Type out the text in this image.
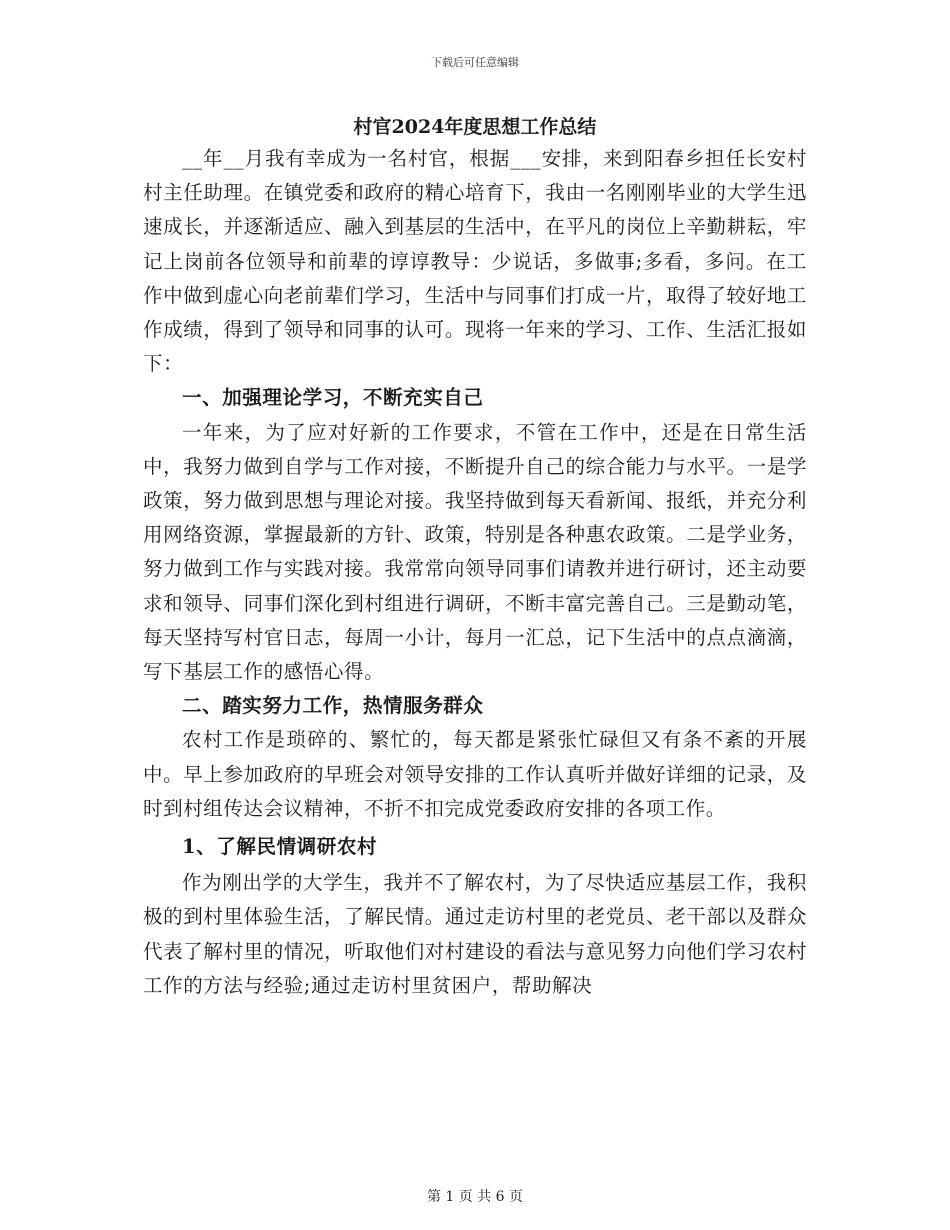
下载后可任意编辑
村官2024年度思想工作总结

__年__月我有幸成为一名村官，根据___安排，来到阳春乡担任长安村村主任助理。在镇党委和政府的精心培育下，我由一名刚刚毕业的大学生迅速成长，并逐渐适应、融入到基层的生活中，在平凡的岗位上辛勤耕耘，牢记上岗前各位领导和前辈的谆谆教导：少说话，多做事;多看，多问。在工作中做到虚心向老前辈们学习，生活中与同事们打成一片，取得了较好地工作成绩，得到了领导和同事的认可。现将一年来的学习、工作、生活汇报如下：

一、加强理论学习，不断充实自己

一年来，为了应对好新的工作要求，不管在工作中，还是在日常生活中，我努力做到自学与工作对接，不断提升自己的综合能力与水平。一是学政策，努力做到思想与理论对接。我坚持做到每天看新闻、报纸，并充分利用网络资源，掌握最新的方针、政策，特别是各种惠农政策。二是学业务，努力做到工作与实践对接。我常常向领导同事们请教并进行研讨，还主动要求和领导、同事们深化到村组进行调研，不断丰富完善自己。三是勤动笔，每天坚持写村官日志，每周一小计，每月一汇总，记下生活中的点点滴滴，写下基层工作的感悟心得。

二、踏实努力工作，热情服务群众

农村工作是琐碎的、繁忙的，每天都是紧张忙碌但又有条不紊的开展中。早上参加政府的早班会对领导安排的工作认真听并做好详细的记录，及时到村组传达会议精神，不折不扣完成党委政府安排的各项工作。

1、了解民情调研农村

作为刚出学的大学生，我并不了解农村，为了尽快适应基层工作，我积极的到村里体验生活，了解民情。通过走访村里的老党员、老干部以及群众代表了解村里的情况，听取他们对村建设的看法与意见努力向他们学习农村工作的方法与经验;通过走访村里贫困户，帮助解决

第 1 页 共 6 页
